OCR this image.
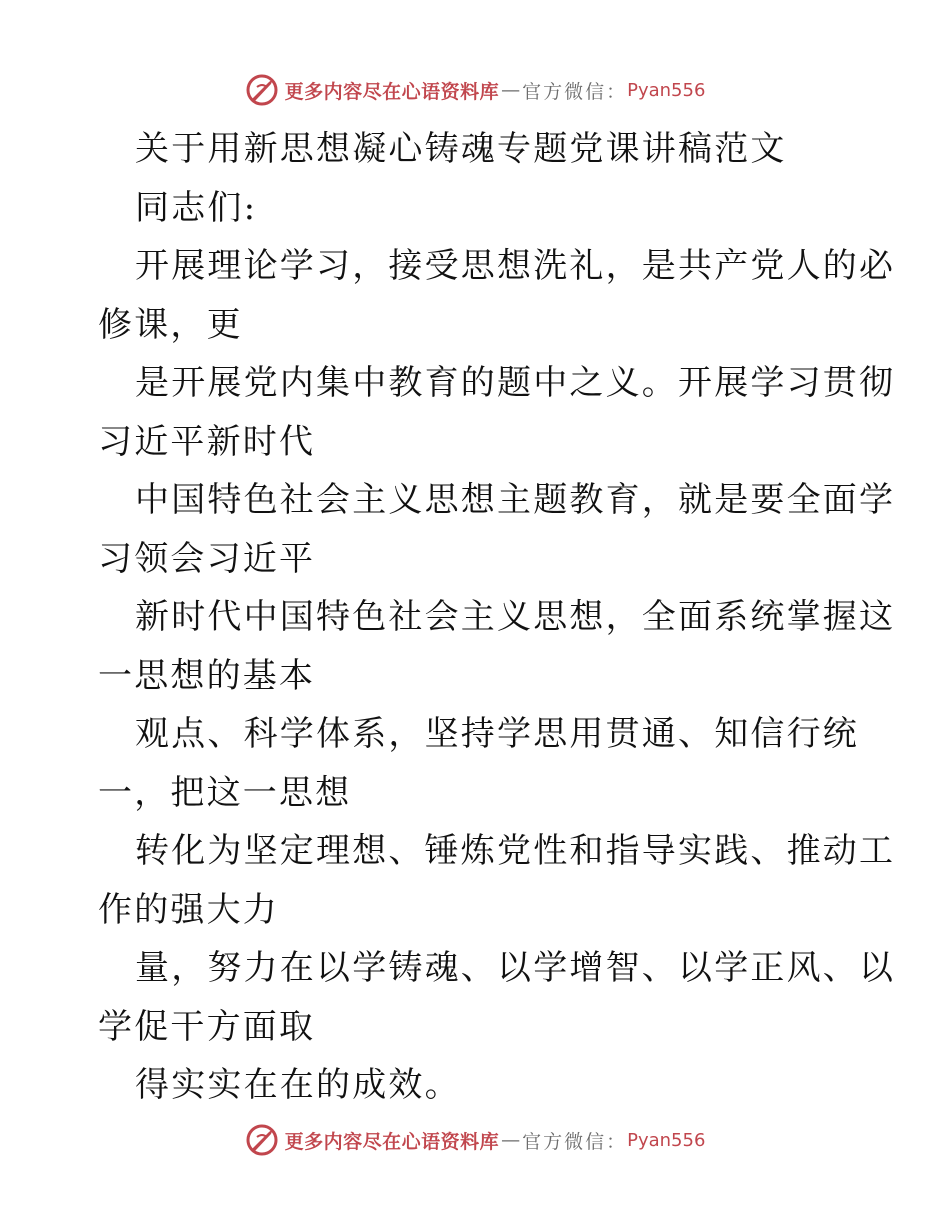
更多内容尽在心语资料库 — 官方微信： Pyan556
关于用新思想凝心铸魂专题党课讲稿范文
同志们:
开展理论学习，接受思想洗礼，是共产党人的必
修课，更
是开展党内集中教育的题中之义。开展学习贯彻
习近平新时代
中国特色社会主义思想主题教育，就是要全面学
习领会习近平
新时代中国特色社会主义思想，全面系统掌握这
一思想的基本
观点、科学体系，坚持学思用贯通、知信行统
一，把这一思想
转化为坚定理想、锤炼党性和指导实践、推动工
作的强大力
量，努力在以学铸魂、以学增智、以学正风、以
学促干方面取
得实实在在的成效。
更多内容尽在心语资料库 — 官方微信： Pyan556
